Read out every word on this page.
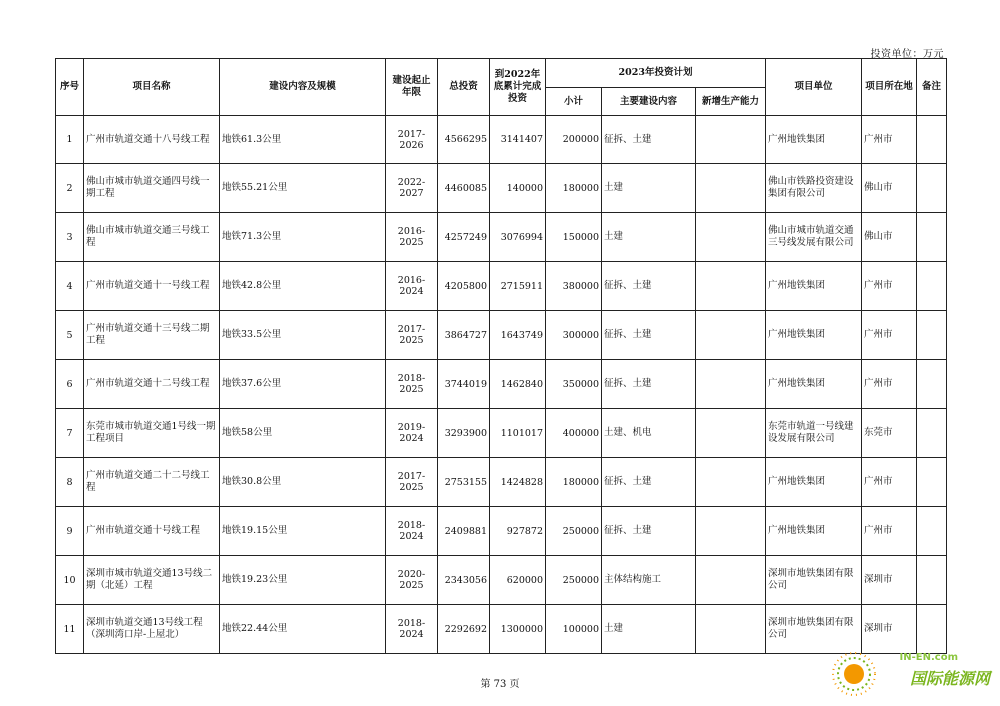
投资单位：万元
序号	项目名称	建设内容及规模	建设起止年限	总投资	到2022年底累计完成投资	2023年投资计划			项目单位	项目所在地	备注
						小计	主要建设内容	新增生产能力			
1	广州市轨道交通十八号线工程	地铁61.3公里	2017-2026	4566295	3141407	200000	征拆、土建		广州地铁集团	广州市	
2	佛山市城市轨道交通四号线一期工程	地铁55.21公里	2022-2027	4460085	140000	180000	土建		佛山市铁路投资建设集团有限公司	佛山市	
3	佛山市城市轨道交通三号线工程	地铁71.3公里	2016-2025	4257249	3076994	150000	土建		佛山市城市轨道交通三号线发展有限公司	佛山市	
4	广州市轨道交通十一号线工程	地铁42.8公里	2016-2024	4205800	2715911	380000	征拆、土建		广州地铁集团	广州市	
5	广州市轨道交通十三号线二期工程	地铁33.5公里	2017-2025	3864727	1643749	300000	征拆、土建		广州地铁集团	广州市	
6	广州市轨道交通十二号线工程	地铁37.6公里	2018-2025	3744019	1462840	350000	征拆、土建		广州地铁集团	广州市	
7	东莞市城市轨道交通1号线一期工程项目	地铁58公里	2019-2024	3293900	1101017	400000	土建、机电		东莞市轨道一号线建设发展有限公司	东莞市	
8	广州市轨道交通二十二号线工程	地铁30.8公里	2017-2025	2753155	1424828	180000	征拆、土建		广州地铁集团	广州市	
9	广州市轨道交通十号线工程	地铁19.15公里	2018-2024	2409881	927872	250000	征拆、土建		广州地铁集团	广州市	
10	深圳市城市轨道交通13号线二期（北延）工程	地铁19.23公里	2020-2025	2343056	620000	250000	主体结构施工		深圳市地铁集团有限公司	深圳市	
11	深圳市轨道交通13号线工程（深圳湾口岸-上屋北）	地铁22.44公里	2018-2024	2292692	1300000	100000	土建		深圳市地铁集团有限公司	深圳市	
第 73 页
IN-EN.com
国际能源网
